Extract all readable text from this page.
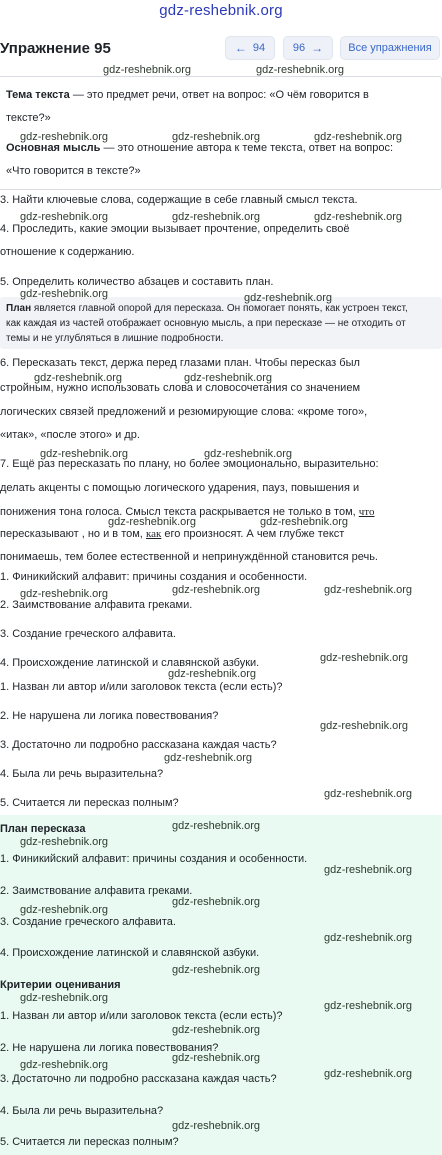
gdz-reshebnik.org
Упражнение 95	← 94	96 → Все упражнения
Тема текста — это предмет речи, ответ на вопрос: «О чём говорится в
тексте?»
Основная мысль — это отношение автора к теме текста, ответ на вопрос:
«Что говорится в тексте?»
3. Найти ключевые слова, содержащие в себе главный смысл текста.
4. Проследить, какие эмоции вызывает прочтение, определить своё
отношение к содержанию.
5. Определить количество абзацев и составить план.
План является главной опорой для пересказа. Он помогает понять, как устроен текст,
как каждая из частей отображает основную мысль, а при пересказе — не отходить от
темы и не углубляться в лишние подробности.
6. Пересказать текст, держа перед глазами план. Чтобы пересказ был
стройным, нужно использовать слова и словосочетания со значением
логических связей предложений и резюмирующие слова: «кроме того»,
«итак», «после этого» и др.
7. Ещё раз пересказать по плану, но более эмоционально, выразительно:
делать акценты с помощью логического ударения, пауз, повышения и
понижения тона голоса. Смысл текста раскрывается не только в том, что
пересказывают , но и в том, как его произносят. А чем глубже текст
понимаешь, тем более естественной и непринуждённой становится речь.
1. Финикийский алфавит: причины создания и особенности.
2. Заимствование алфавита греками.
3. Создание греческого алфавита.
4. Происхождение латинской и славянской азбуки.
1. Назван ли автор и/или заголовок текста (если есть)?
2. Не нарушена ли логика повествования?
3. Достаточно ли подробно рассказана каждая часть?
4. Была ли речь выразительна?
5. Считается ли пересказ полным?
План пересказа
1. Финикийский алфавит: причины создания и особенности.
2. Заимствование алфавита греками.
3. Создание греческого алфавита.
4. Происхождение латинской и славянской азбуки.
Критерии оценивания
1. Назван ли автор и/или заголовок текста (если есть)?
2. Не нарушена ли логика повествования?
3. Достаточно ли подробно рассказана каждая часть?
4. Была ли речь выразительна?
5. Считается ли пересказ полным?
gdz-reshebnik.org	gdz-reshebnik.org
gdz-reshebnik.org	gdz-reshebnik.org	gdz-reshebnik.org
gdz-reshebnik.org	gdz-reshebnik.org	gdz-reshebnik.org
gdz-reshebnik.org	gdz-reshebnik.org
gdz-reshebnik.org	gdz-reshebnik.org
gdz-reshebnik.org	gdz-reshebnik.org
gdz-reshebnik.org	gdz-reshebnik.org
gdz-reshebnik.org	gdz-reshebnik.org	gdz-reshebnik.org
gdz-reshebnik.org
gdz-reshebnik.org
gdz-reshebnik.org
gdz-reshebnik.org
gdz-reshebnik.org
gdz-reshebnik.org
gdz-reshebnik.org
gdz-reshebnik.org
gdz-reshebnik.org
gdz-reshebnik.org
gdz-reshebnik.org
gdz-reshebnik.org
gdz-reshebnik.org
gdz-reshebnik.org
gdz-reshebnik.org
gdz-reshebnik.org
gdz-reshebnik.org
gdz-reshebnik.org
gdz-reshebnik.org
